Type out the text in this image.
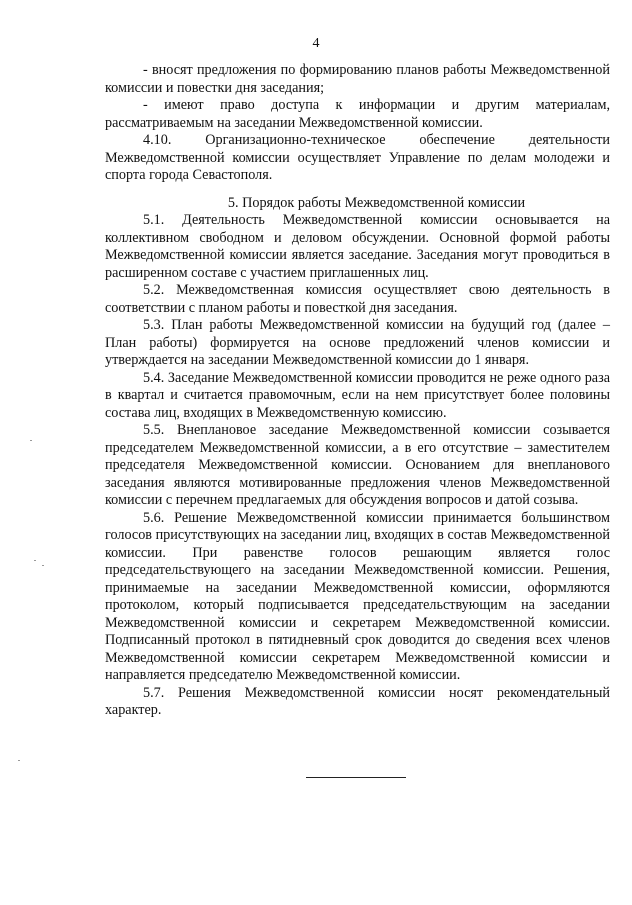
4

- вносят предложения по формированию планов работы Межведомственной комиссии и повестки дня заседания;

- имеют право доступа к информации и другим материалам, рассматриваемым на заседании Межведомственной комиссии.

4.10. Организационно-техническое обеспечение деятельности Межведомственной комиссии осуществляет Управление по делам молодежи и спорта города Севастополя.

5. Порядок работы Межведомственной комиссии

5.1. Деятельность Межведомственной комиссии основывается на коллективном свободном и деловом обсуждении. Основной формой работы Межведомственной комиссии является заседание. Заседания могут проводиться в расширенном составе с участием приглашенных лиц.

5.2. Межведомственная комиссия осуществляет свою деятельность в соответствии с планом работы и повесткой дня заседания.

5.3. План работы Межведомственной комиссии на будущий год (далее – План работы) формируется на основе предложений членов комиссии и утверждается на заседании Межведомственной комиссии до 1 января.

5.4. Заседание Межведомственной комиссии проводится не реже одного раза в квартал и считается правомочным, если на нем присутствует более половины состава лиц, входящих в Межведомственную комиссию.

5.5. Внеплановое заседание Межведомственной комиссии созывается председателем Межведомственной комиссии, а в его отсутствие – заместителем председателя Межведомственной комиссии. Основанием для внепланового заседания являются мотивированные предложения членов Межведомственной комиссии с перечнем предлагаемых для обсуждения вопросов и датой созыва.

5.6. Решение Межведомственной комиссии принимается большинством голосов присутствующих на заседании лиц, входящих в состав Межведомственной комиссии. При равенстве голосов решающим является голос председательствующего на заседании Межведомственной комиссии. Решения, принимаемые на заседании Межведомственной комиссии, оформляются протоколом, который подписывается председательствующим на заседании Межведомственной комиссии и секретарем Межведомственной комиссии. Подписанный протокол в пятидневный срок доводится до сведения всех членов Межведомственной комиссии секретарем Межведомственной комиссии и направляется председателю Межведомственной комиссии.

5.7. Решения Межведомственной комиссии носят рекомендательный характер.
